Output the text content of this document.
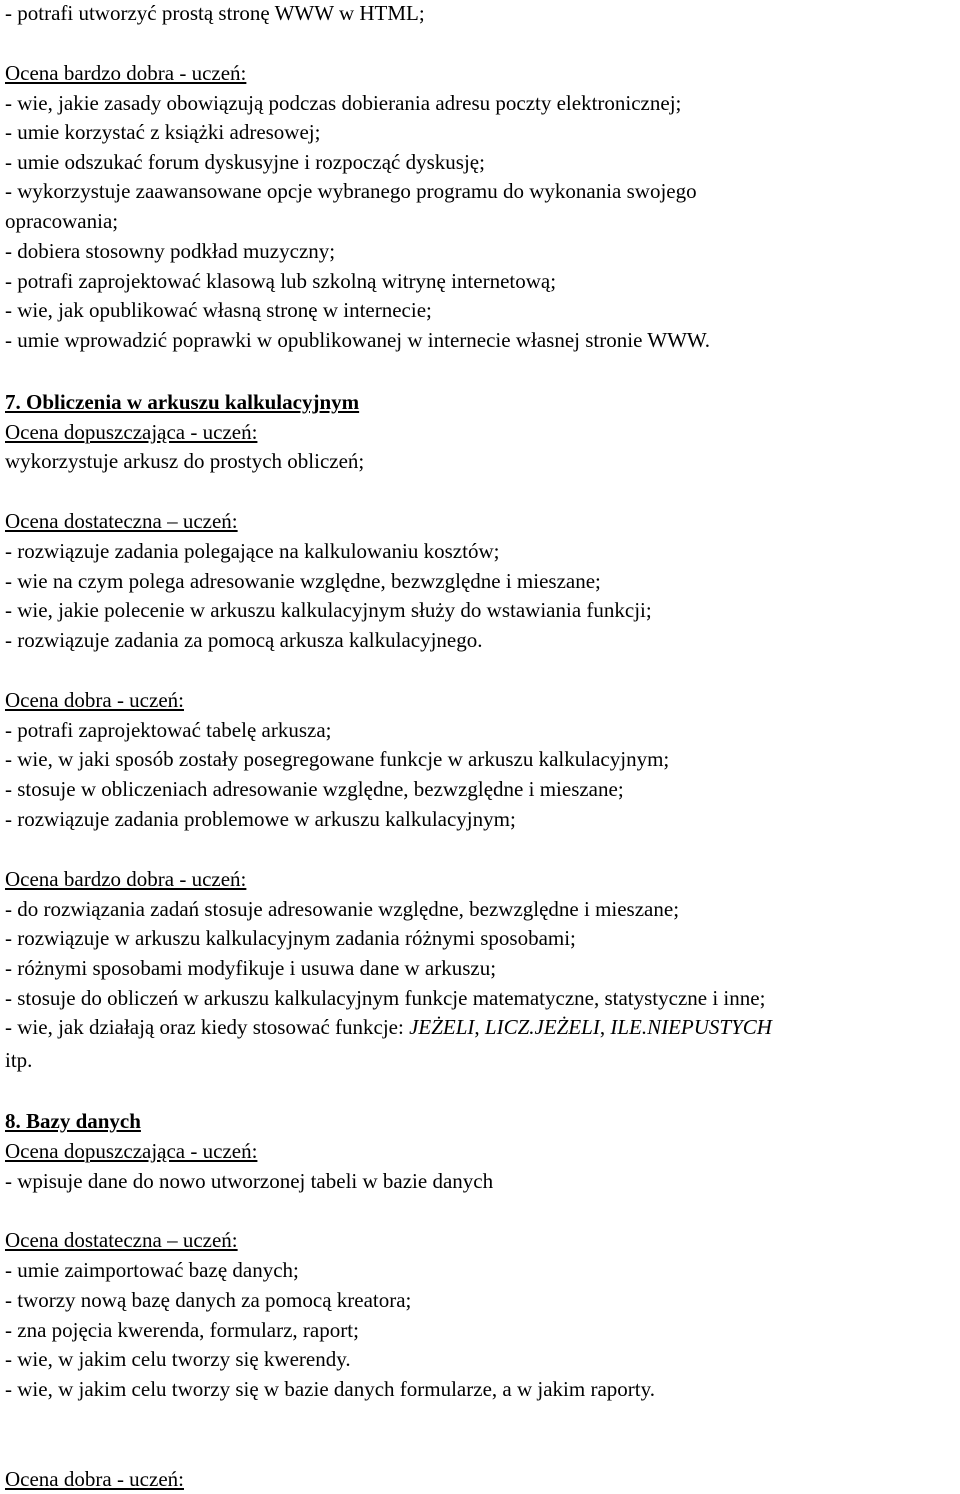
- potrafi utworzyć prostą stronę WWW w HTML;
Ocena bardzo dobra - uczeń:
- wie, jakie zasady obowiązują podczas dobierania adresu poczty elektronicznej;
- umie korzystać z książki adresowej;
- umie odszukać forum dyskusyjne i rozpocząć dyskusję;
- wykorzystuje zaawansowane opcje wybranego programu do wykonania swojego
opracowania;
- dobiera stosowny podkład muzyczny;
- potrafi zaprojektować klasową lub szkolną witrynę internetową;
- wie, jak opublikować własną stronę w internecie;
- umie wprowadzić poprawki w opublikowanej w internecie własnej stronie WWW.
7. Obliczenia w arkuszu kalkulacyjnym
Ocena dopuszczająca - uczeń:
wykorzystuje arkusz do prostych obliczeń;
Ocena dostateczna – uczeń:
- rozwiązuje zadania polegające na kalkulowaniu kosztów;
- wie na czym polega adresowanie względne, bezwzględne i mieszane;
- wie, jakie polecenie w arkuszu kalkulacyjnym służy do wstawiania funkcji;
- rozwiązuje zadania za pomocą arkusza kalkulacyjnego.
Ocena dobra - uczeń:
- potrafi zaprojektować tabelę arkusza;
- wie, w jaki sposób zostały posegregowane funkcje w arkuszu kalkulacyjnym;
- stosuje w obliczeniach adresowanie względne, bezwzględne i mieszane;
- rozwiązuje zadania problemowe w arkuszu kalkulacyjnym;
Ocena bardzo dobra - uczeń:
- do rozwiązania zadań stosuje adresowanie względne, bezwzględne i mieszane;
- rozwiązuje w arkuszu kalkulacyjnym zadania różnymi sposobami;
- różnymi sposobami modyfikuje i usuwa dane w arkuszu;
- stosuje do obliczeń w arkuszu kalkulacyjnym funkcje matematyczne, statystyczne i inne;
- wie, jak działają oraz kiedy stosować funkcje: JEŻELI, LICZ.JEŻELI, ILE.NIEPUSTYCH
itp.
8. Bazy danych
Ocena dopuszczająca - uczeń:
- wpisuje dane do nowo utworzonej tabeli w bazie danych
Ocena dostateczna – uczeń:
- umie zaimportować bazę danych;
- tworzy nową bazę danych za pomocą kreatora;
- zna pojęcia kwerenda, formularz, raport;
- wie, w jakim celu tworzy się kwerendy.
- wie, w jakim celu tworzy się w bazie danych formularze, a w jakim raporty.
Ocena dobra - uczeń:
